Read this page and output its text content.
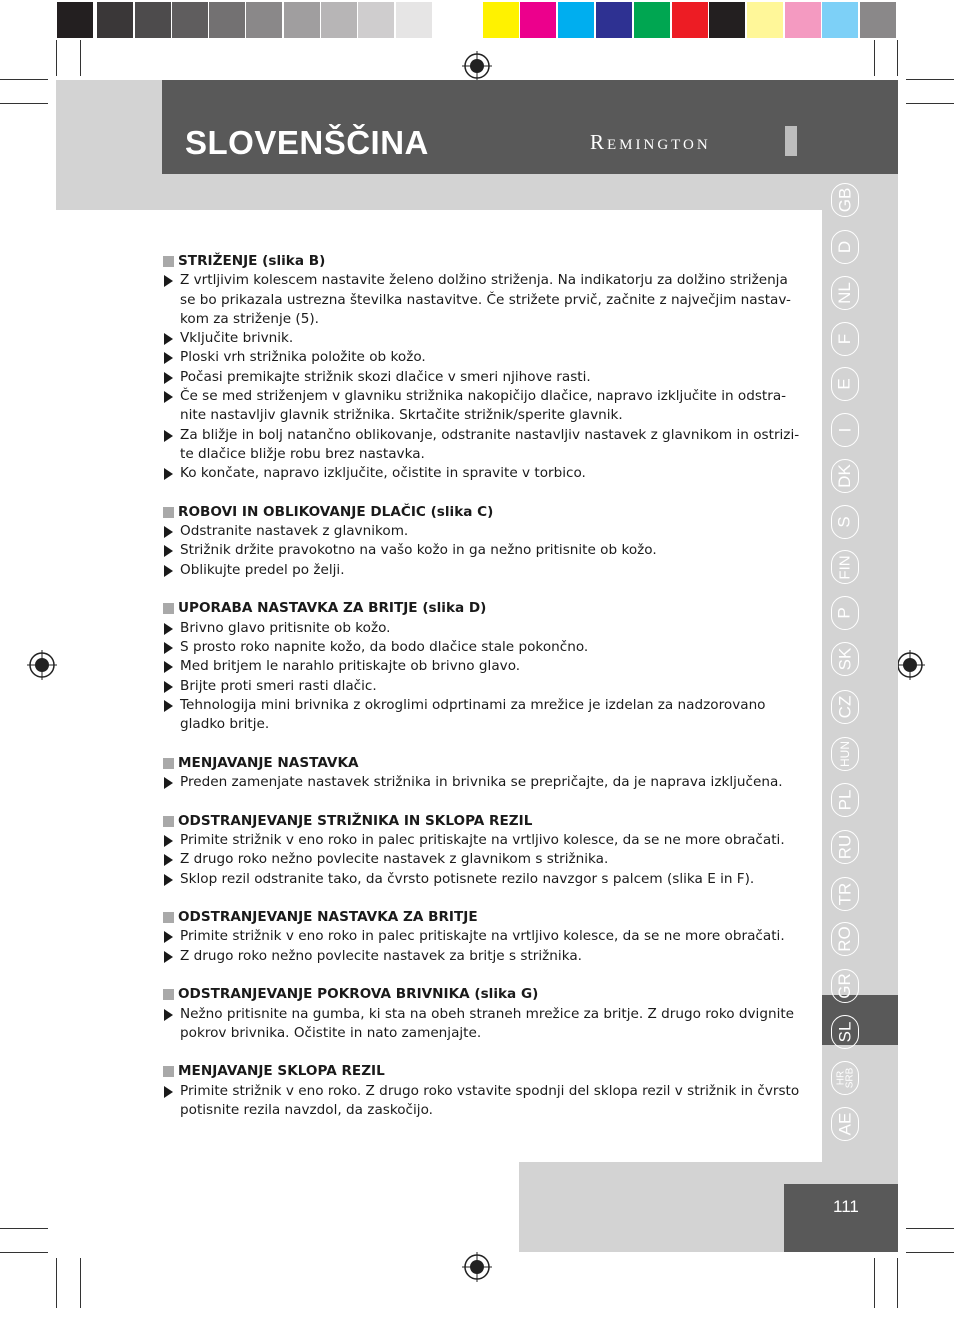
SLOVENŠČINA	Remington
GB
D
NL
F
E
I
DK
S
FIN
P
SK
CZ
HUN
PL
RU
TR
RO
GR
SL
HR
SRB
AE

STRIŽENJE (slika B)

Z vrtljivim kolescem nastavite želeno dolžino striženja. Na indikatorju za dolžino striženja se bo prikazala ustrezna številka nastavitve. Če strižete prvič, začnite z največjim nastav-kom za striženje (5).

Vključite brivnik.

Ploski vrh strižnika položite ob kožo.

Počasi premikajte strižnik skozi dlačice v smeri njihove rasti.

Če se med striženjem v glavniku strižnika nakopičijo dlačice, napravo izključite in odstra-nite nastavljiv glavnik strižnika. Skrtačite strižnik/sperite glavnik.

Za bližje in bolj natančno oblikovanje, odstranite nastavljiv nastavek z glavnikom in ostrizi-te dlačice bližje robu brez nastavka.

Ko končate, napravo izključite, očistite in spravite v torbico.

ROBOVI IN OBLIKOVANJE DLAČIC (slika C)

Odstranite nastavek z glavnikom.

Strižnik držite pravokotno na vašo kožo in ga nežno pritisnite ob kožo.

Oblikujte predel po želji.

UPORABA NASTAVKA ZA BRITJE (slika D)

Brivno glavo pritisnite ob kožo.

S prosto roko napnite kožo, da bodo dlačice stale pokončno.

Med britjem le narahlo pritiskajte ob brivno glavo.

Brijte proti smeri rasti dlačic.

Tehnologija mini brivnika z okroglimi odprtinami za mrežice je izdelan za nadzorovano gladko britje.

MENJAVANJE NASTAVKA

Preden zamenjate nastavek strižnika in brivnika se prepričajte, da je naprava izključena.

ODSTRANJEVANJE STRIŽNIKA IN SKLOPA REZIL

Primite strižnik v eno roko in palec pritiskajte na vrtljivo kolesce, da se ne more obračati.

Z drugo roko nežno povlecite nastavek z glavnikom s strižnika.

Sklop rezil odstranite tako, da čvrsto potisnete rezilo navzgor s palcem (slika E in F).

ODSTRANJEVANJE NASTAVKA ZA BRITJE

Primite strižnik v eno roko in palec pritiskajte na vrtljivo kolesce, da se ne more obračati.

Z drugo roko nežno povlecite nastavek za britje s strižnika.

ODSTRANJEVANJE POKROVA BRIVNIKA (slika G)

Nežno pritisnite na gumba, ki sta na obeh straneh mrežice za britje. Z drugo roko dvignite pokrov brivnika. Očistite in nato zamenjajte.

MENJAVANJE SKLOPA REZIL

Primite strižnik v eno roko. Z drugo roko vstavite spodnji del sklopa rezil v strižnik in čvrsto potisnite rezila navzdol, da zaskočijo.

111
